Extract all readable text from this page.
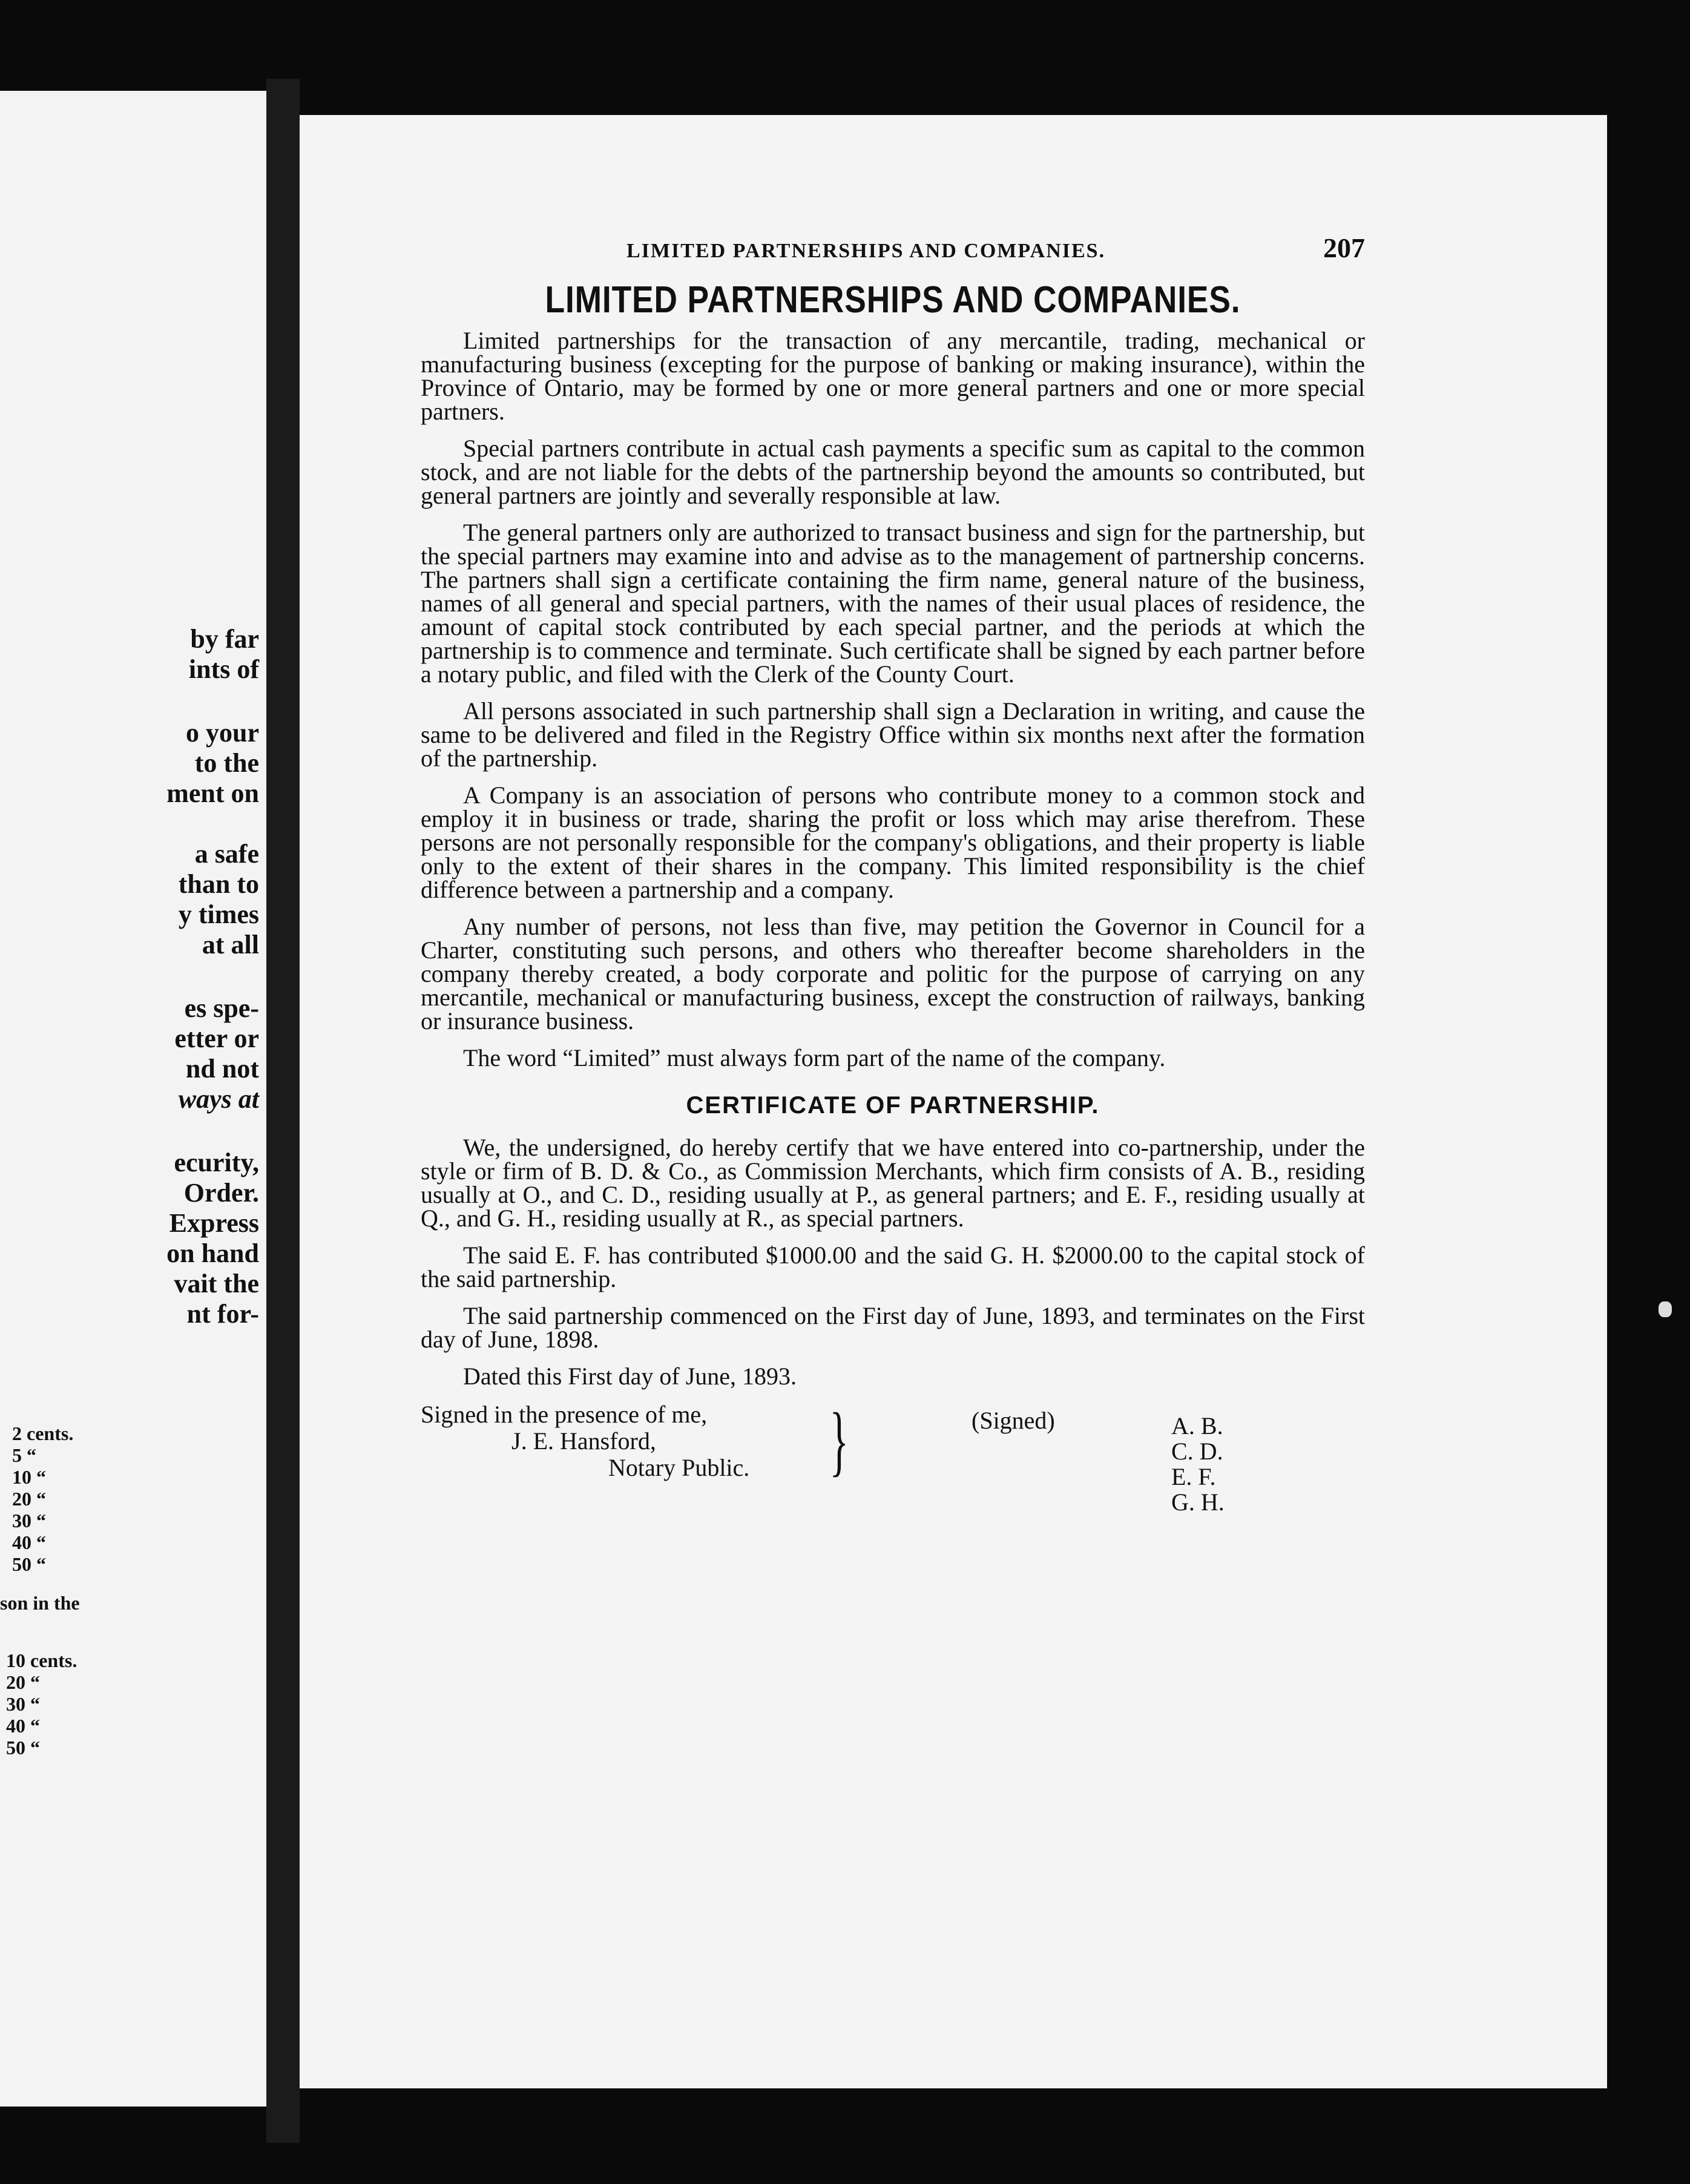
by far
ints of
o your
to the
ment on
a safe
than to
y times
at all
es spe-
etter or
nd not
ways at
ecurity,
Order.
Express
on hand
vait the
nt for-
2 cents.
5 “
10 “
20 “
30 “
40 “
50 “
son in the
10 cents.
20 “
30 “
40 “
50 “
LIMITED PARTNERSHIPS AND COMPANIES.	207
LIMITED PARTNERSHIPS AND COMPANIES.

Limited partnerships for the transaction of any mercantile, trading, mechanical or manufacturing business (excepting for the purpose of banking or making insurance), within the Province of Ontario, may be formed by one or more general partners and one or more special partners.

Special partners contribute in actual cash payments a specific sum as capital to the common stock, and are not liable for the debts of the partnership beyond the amounts so contributed, but general partners are jointly and severally responsible at law.

The general partners only are authorized to transact business and sign for the partnership, but the special partners may examine into and advise as to the management of partnership concerns. The partners shall sign a certificate containing the firm name, general nature of the business, names of all general and special partners, with the names of their usual places of residence, the amount of capital stock contributed by each special partner, and the periods at which the partnership is to commence and terminate. Such certificate shall be signed by each partner before a notary public, and filed with the Clerk of the County Court.

All persons associated in such partnership shall sign a Declaration in writing, and cause the same to be delivered and filed in the Registry Office within six months next after the formation of the partnership.

A Company is an association of persons who contribute money to a common stock and employ it in business or trade, sharing the profit or loss which may arise therefrom. These persons are not personally responsible for the company's obligations, and their property is liable only to the extent of their shares in the company. This limited responsibility is the chief difference between a partnership and a company.

Any number of persons, not less than five, may petition the Governor in Council for a Charter, constituting such persons, and others who thereafter become shareholders in the company thereby created, a body corporate and politic for the purpose of carrying on any mercantile, mechanical or manufacturing business, except the construction of railways, banking or insurance business.

The word “Limited” must always form part of the name of the company.

CERTIFICATE OF PARTNERSHIP.

We, the undersigned, do hereby certify that we have entered into co-partnership, under the style or firm of B. D. & Co., as Commission Merchants, which firm consists of A. B., residing usually at O., and C. D., residing usually at P., as general partners; and E. F., residing usually at Q., and G. H., residing usually at R., as special partners.

The said E. F. has contributed $1000.00 and the said G. H. $2000.00 to the capital stock of the said partnership.

The said partnership commenced on the First day of June, 1893, and terminates on the First day of June, 1898.

Dated this First day of June, 1893.

Signed in the presence of me,
J. E. Hansford,
Notary Public. }	(Signed)	A. B.
C. D.
E. F.
G. H.
